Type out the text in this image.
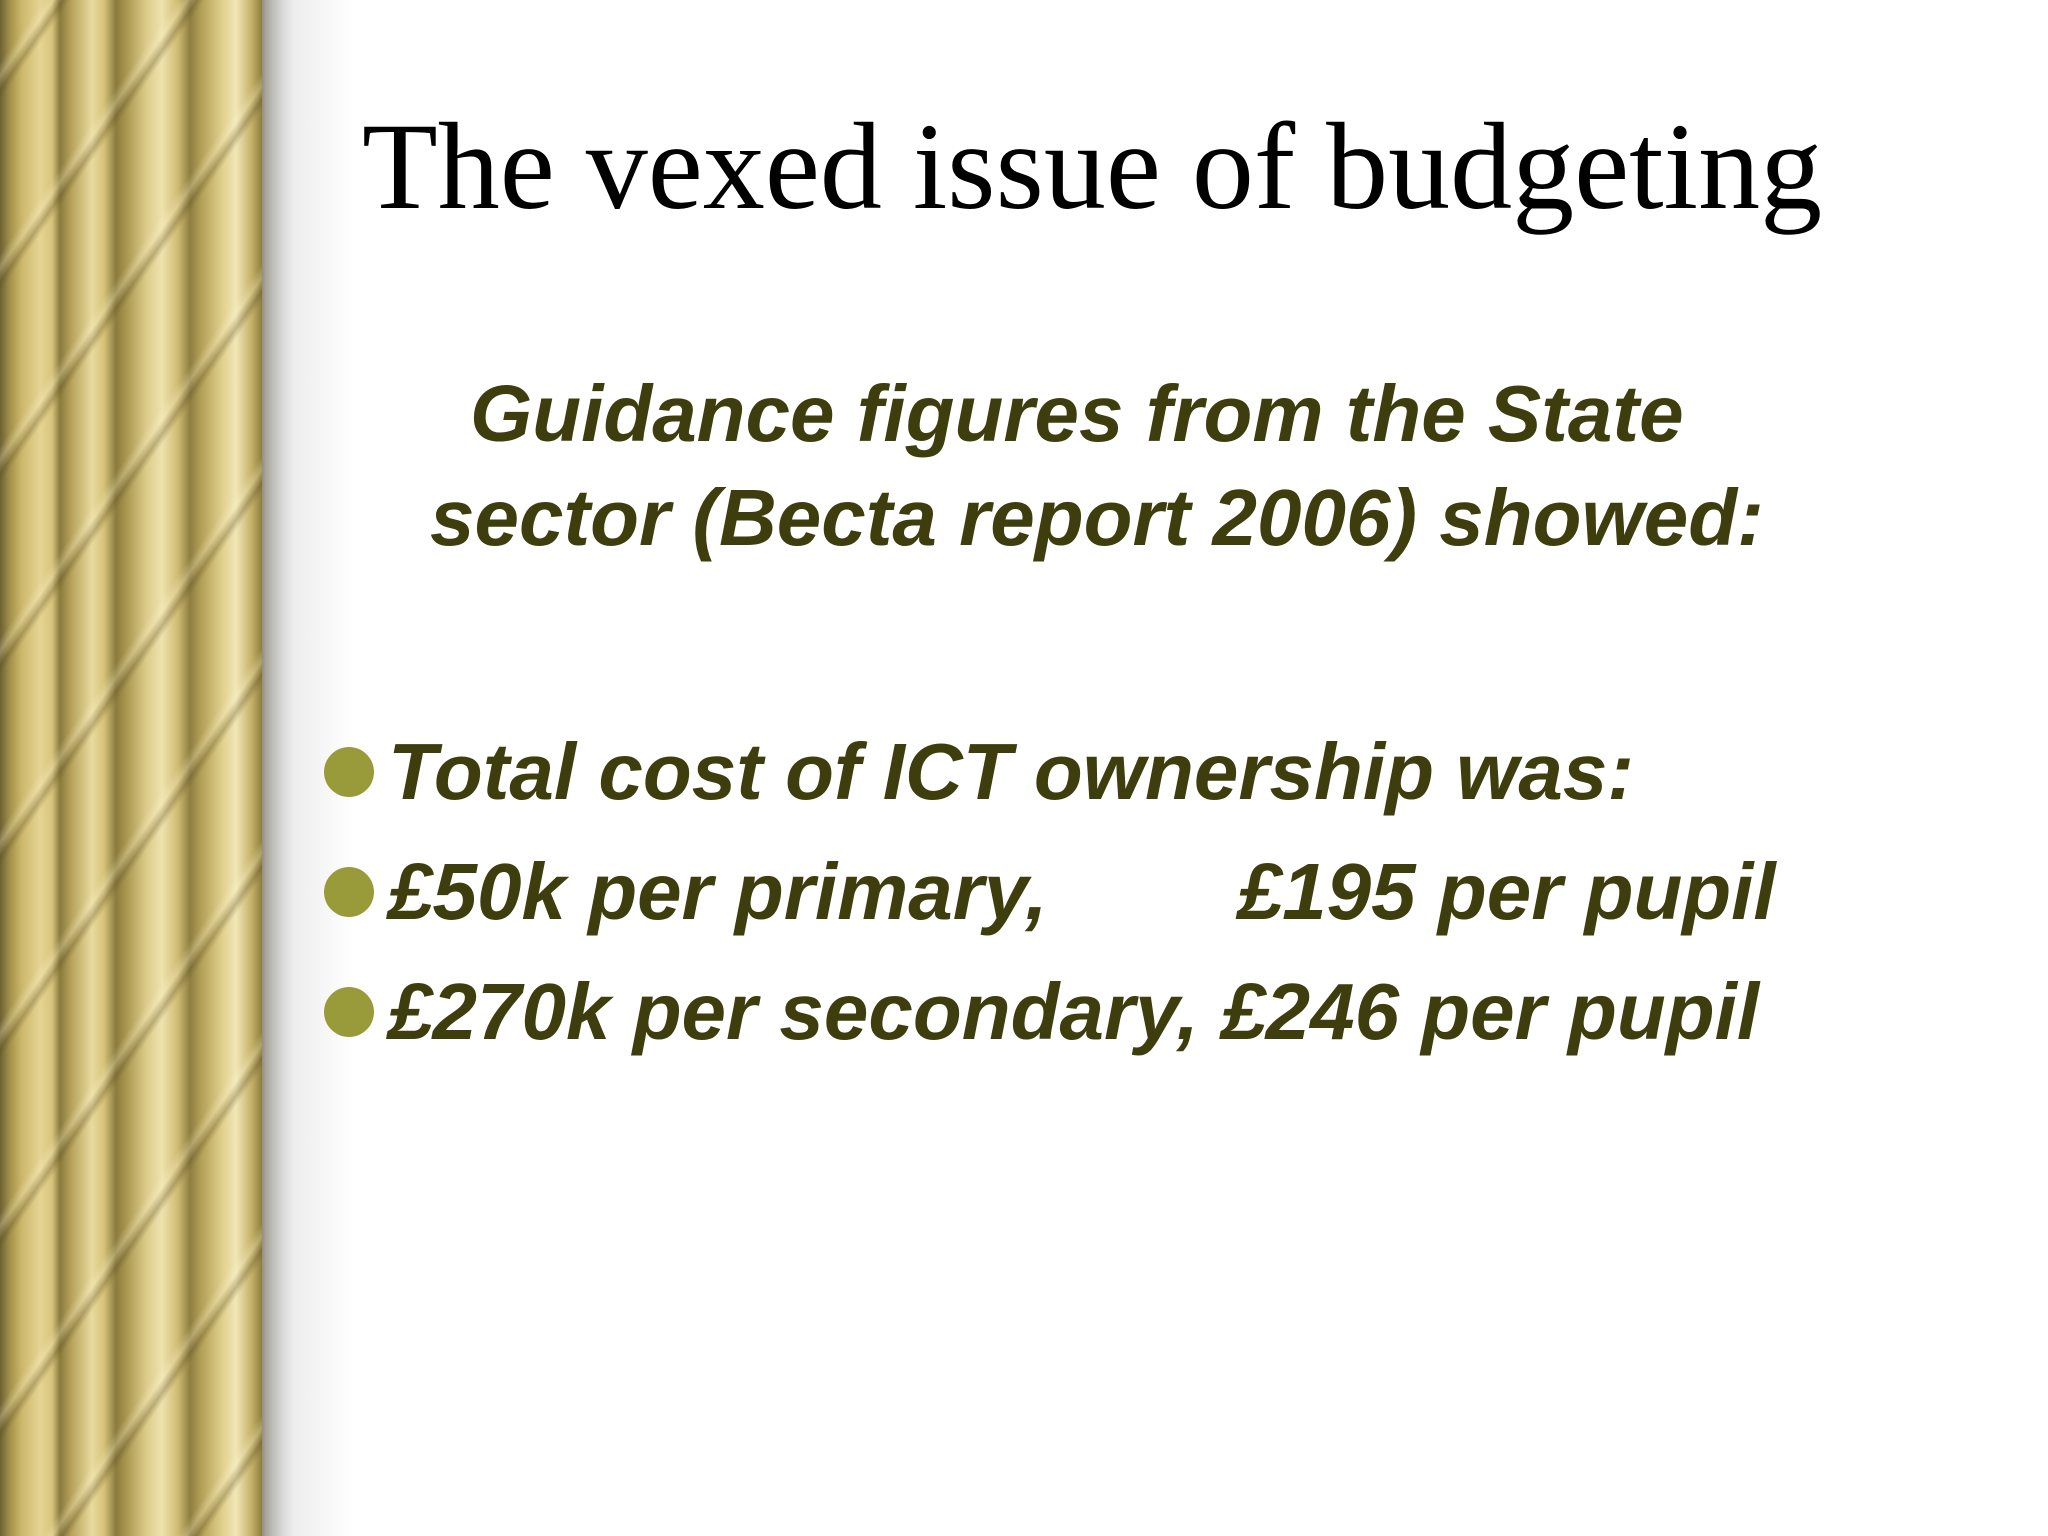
The vexed issue of budgeting
Guidance figures from the State
sector (Becta report 2006) showed:
Total cost of ICT ownership was:
£50k per primary, £195 per pupil
£270k per secondary, £246 per pupil
